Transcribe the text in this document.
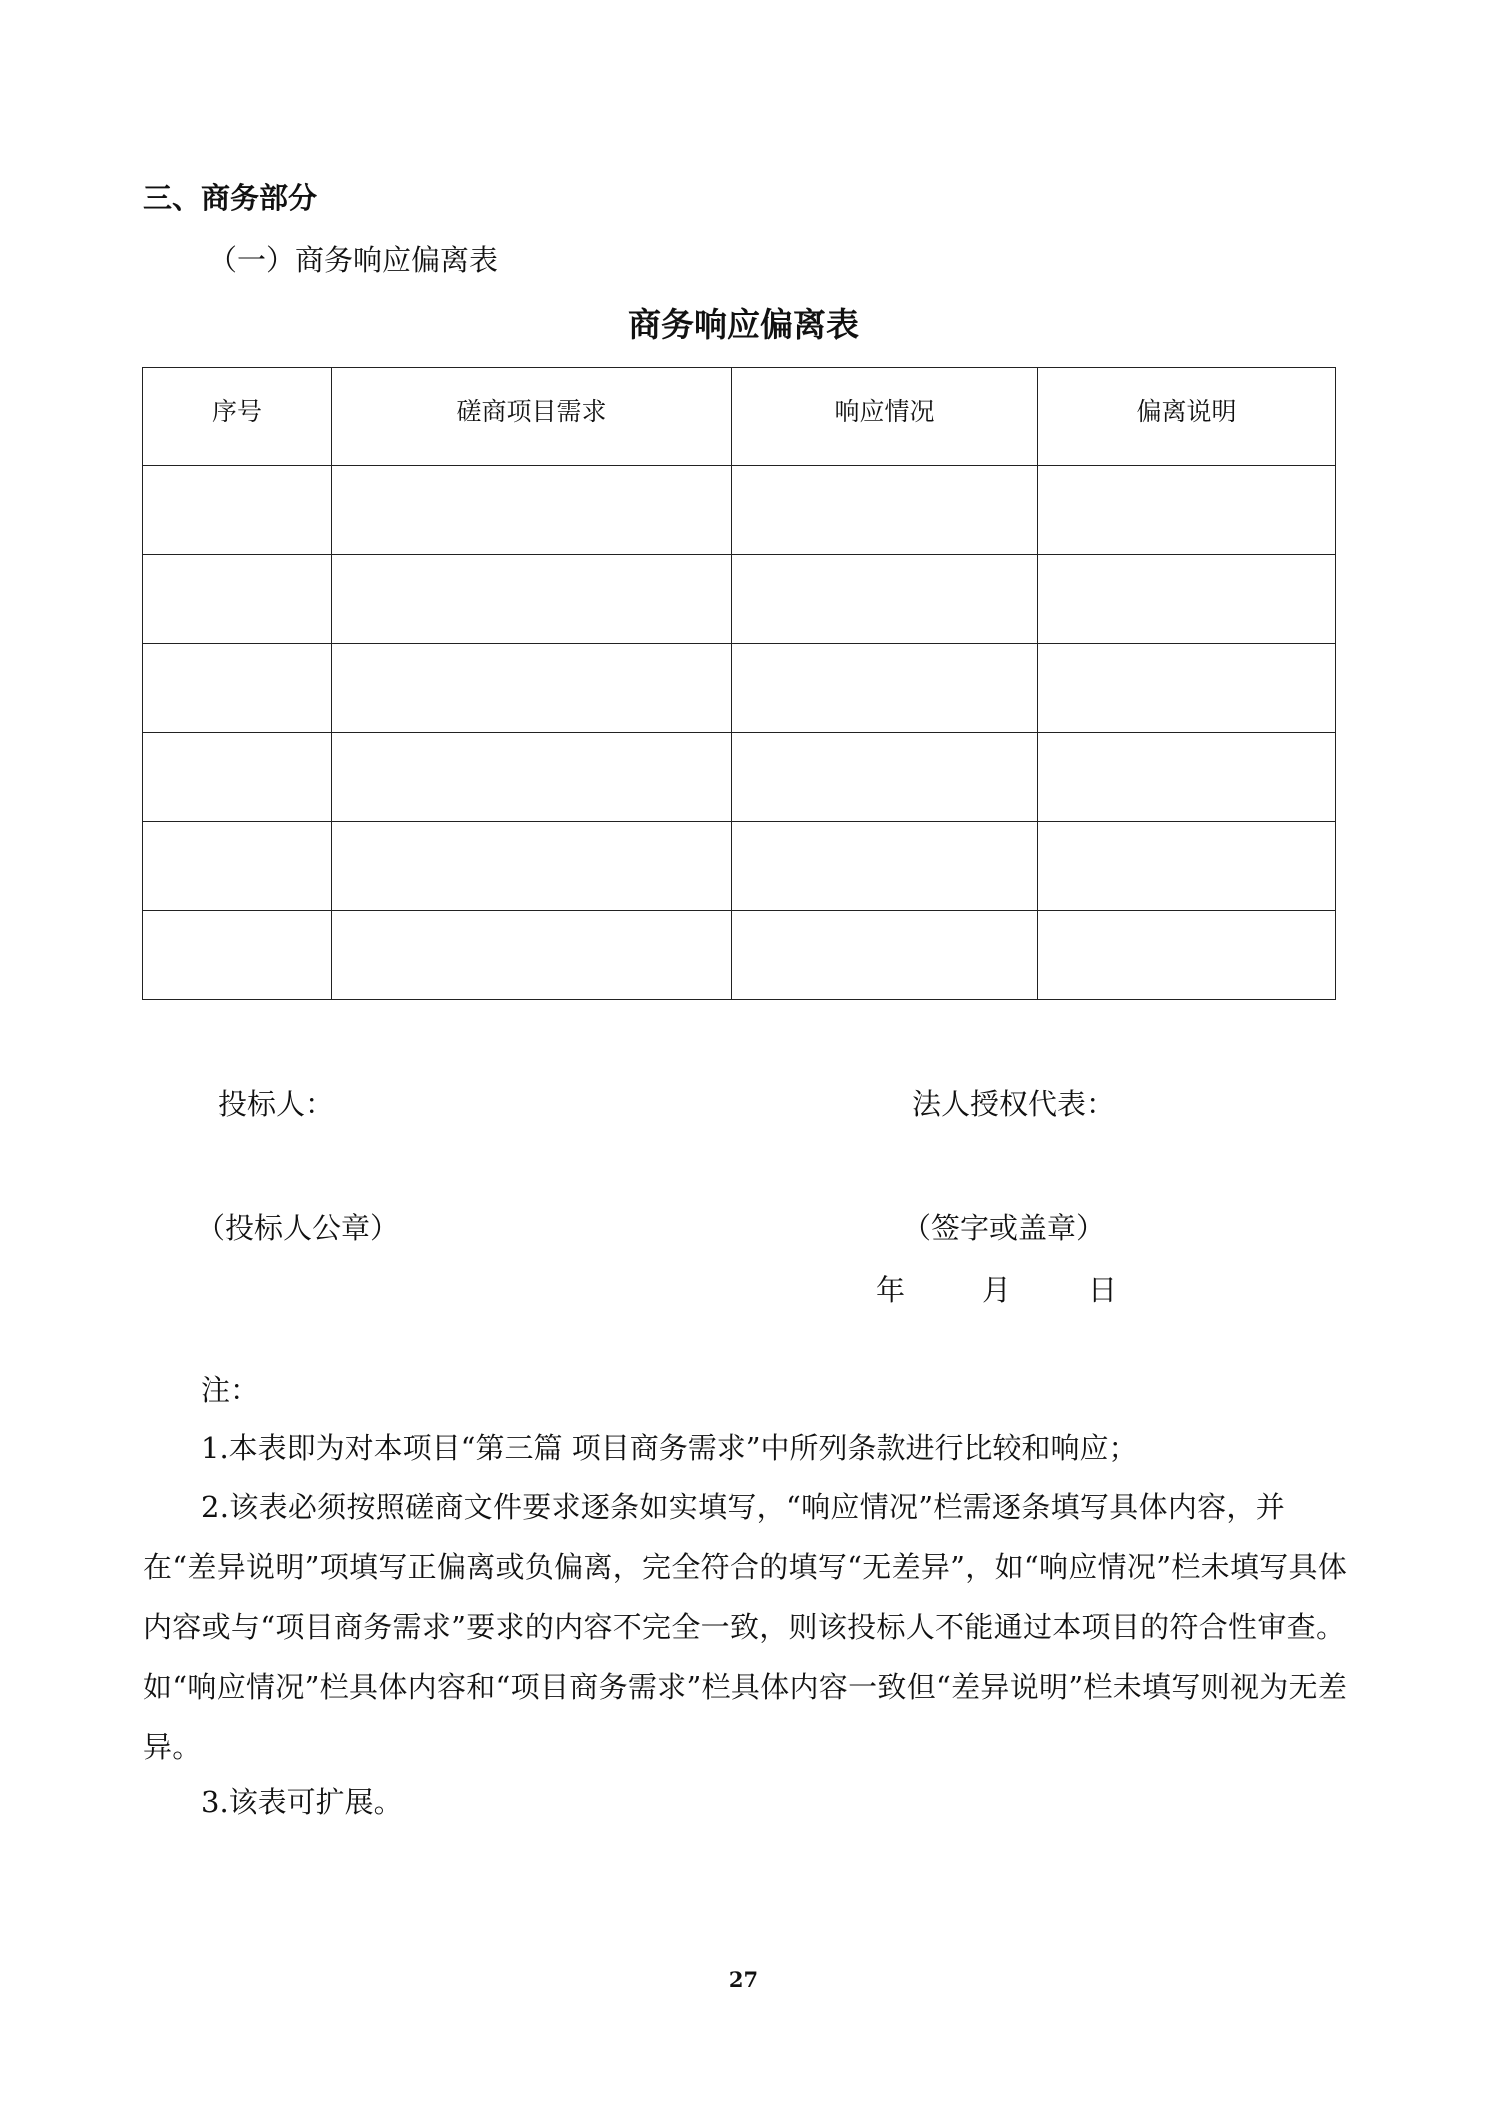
三、商务部分
（一）商务响应偏离表
商务响应偏离表
序号	磋商项目需求	响应情况	偏离说明

投标人：	法人授权代表：
（投标人公章）	（签字或盖章）
年	月	日
注：
1.本表即为对本项目“第三篇 项目商务需求”中所列条款进行比较和响应；
2.该表必须按照磋商文件要求逐条如实填写，“响应情况”栏需逐条填写具体内容，并在“差异说明”项填写正偏离或负偏离，完全符合的填写“无差异”，如“响应情况”栏未填写具体内容或与“项目商务需求”要求的内容不完全一致，则该投标人不能通过本项目的符合性审查。如“响应情况”栏具体内容和“项目商务需求”栏具体内容一致但“差异说明”栏未填写则视为无差异。
3.该表可扩展。
27
